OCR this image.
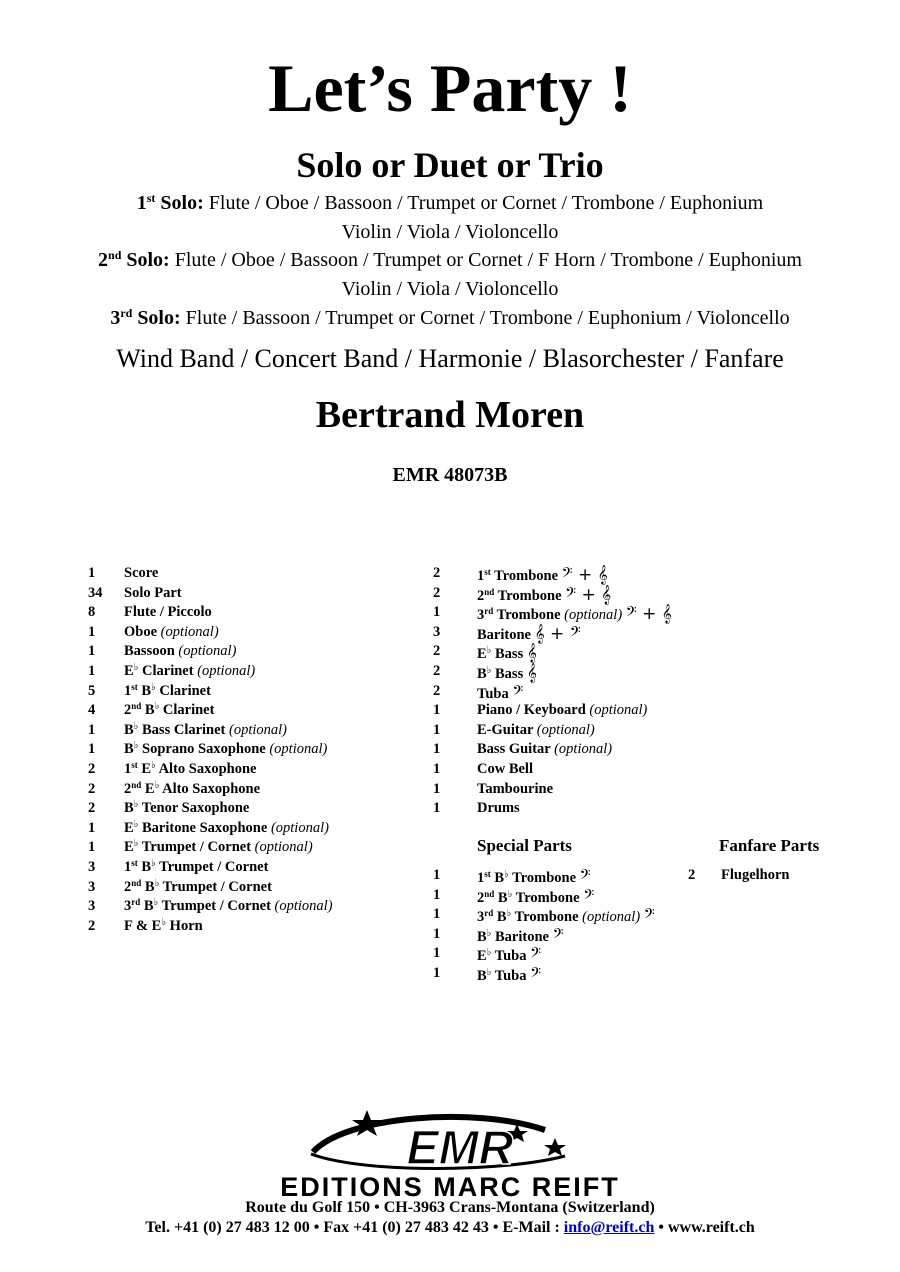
Let’s Party !
Solo or Duet or Trio
1st Solo: Flute / Oboe / Bassoon / Trumpet or Cornet / Trombone / Euphonium
Violin / Viola / Violoncello
2nd Solo: Flute / Oboe / Bassoon / Trumpet or Cornet / F Horn / Trombone / Euphonium
Violin / Viola / Violoncello
3rd Solo: Flute / Bassoon / Trumpet or Cornet / Trombone / Euphonium / Violoncello
Wind Band / Concert Band / Harmonie / Blasorchester / Fanfare
Bertrand Moren
EMR 48073B
1 Score
34 Solo Part
8 Flute / Piccolo
1 Oboe (optional)
1 Bassoon (optional)
1 E♭ Clarinet (optional)
5 1st B♭ Clarinet
4 2nd B♭ Clarinet
1 B♭ Bass Clarinet (optional)
1 B♭ Soprano Saxophone (optional)
2 1st E♭ Alto Saxophone
2 2nd E♭ Alto Saxophone
2 B♭ Tenor Saxophone
1 E♭ Baritone Saxophone (optional)
1 E♭ Trumpet / Cornet (optional)
3 1st B♭ Trumpet / Cornet
3 2nd B♭ Trumpet / Cornet
3 3rd B♭ Trumpet / Cornet (optional)
2 F & E♭ Horn
2	1st Trombone 𝄢 + 𝄞
2	2nd Trombone 𝄢 + 𝄞
1	3rd Trombone (optional) 𝄢 + 𝄞
3	Baritone 𝄞 + 𝄢
2	E♭ Bass 𝄞
2	B♭ Bass 𝄞
2	Tuba 𝄢
1	Piano / Keyboard (optional)
1	E-Guitar (optional)
1	Bass Guitar (optional)
1	Cow Bell
1	Tambourine
1	Drums
Special Parts	Fanfare Parts
1	1st B♭ Trombone 𝄢
1	2nd B♭ Trombone 𝄢
1	3rd B♭ Trombone (optional) 𝄢
1	B♭ Baritone 𝄢
1	E♭ Tuba 𝄢
1	B♭ Tuba 𝄢
2 Flugelhorn
EMR
EDITIONS MARC REIFT
Route du Golf 150 • CH-3963 Crans-Montana (Switzerland)
Tel. +41 (0) 27 483 12 00 • Fax +41 (0) 27 483 42 43 • E-Mail : info@reift.ch • www.reift.ch
